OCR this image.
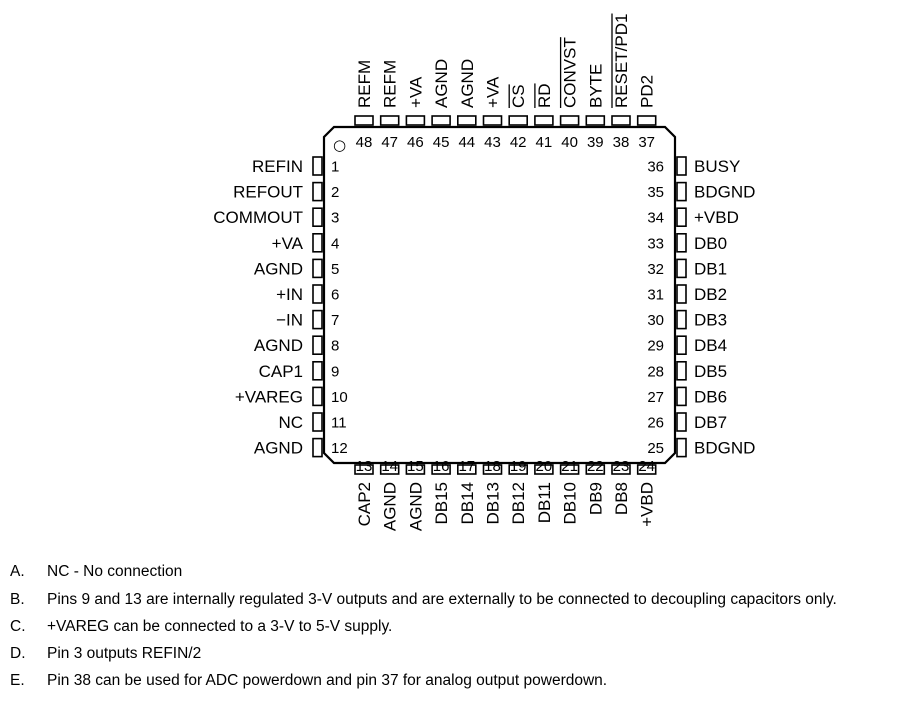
○
1
REFIN
2
REFOUT
3
COMMOUT
4
+VA
5
AGND
6
+IN
7
−IN
8
AGND
9
CAP1
10
+VAREG
11
NC
12
AGND
36 BUSY
35 BDGND
34 +VBD
33 DB0
32 DB1
31 DB2
30 DB3
29 DB4
28 DB5
27 DB6
26 DB7
25 BDGND
48
REFM
47
REFM
46
+VA
45
AGND
44
AGND
43
+VA
42
CS
41
RD
40
CONVST
39
BYTE
38
RESET/PD1
37
PD2
13
CAP2
14
AGND
15
AGND
16
DB15
17
DB14
18
DB13
19
DB12
20
DB11
21
DB10
22
DB9
23
DB8
24
+VBD
A. NC - No connection
B. Pins 9 and 13 are internally regulated 3-V outputs and are externally to be connected to decoupling capacitors only.
C. +VAREG can be connected to a 3-V to 5-V supply.
D. Pin 3 outputs REFIN/2
E. Pin 38 can be used for ADC powerdown and pin 37 for analog output powerdown.
